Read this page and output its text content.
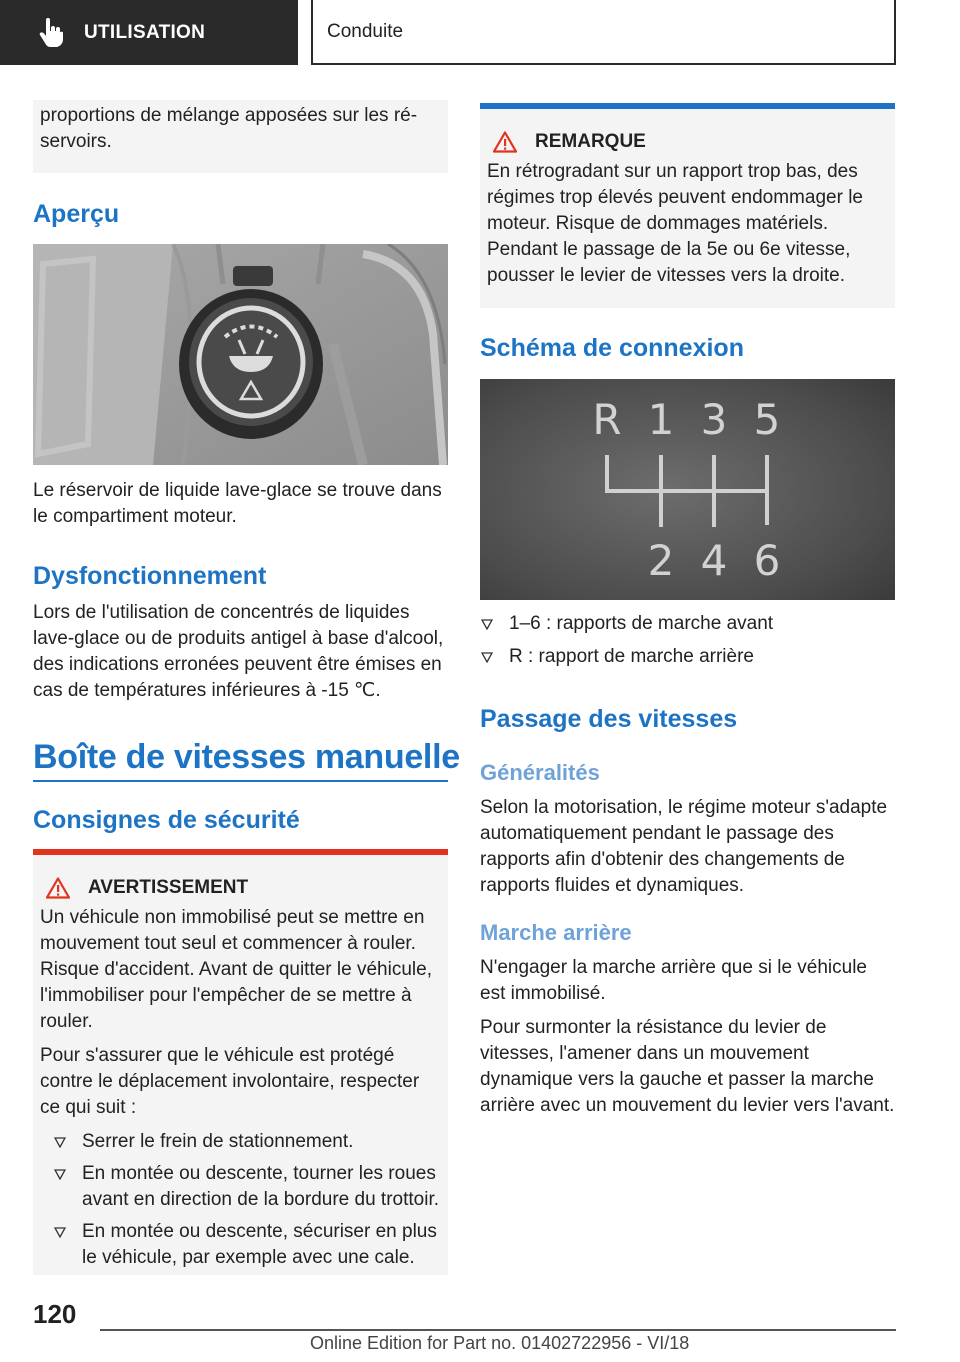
UTILISATION	Conduite

proportions de mélange apposées sur les ré-
servoirs.

Aperçu

Le réservoir de liquide lave-glace se trouve dans le compartiment moteur.

Dysfonctionnement

Lors de l'utilisation de concentrés de liquides lave-glace ou de produits antigel à base d'alcool, des indications erronées peuvent être émises en cas de températures inférieures à -15 ℃.

Boîte de vitesses manuelle
Consignes de sécurité
AVERTISSEMENT

Un véhicule non immobilisé peut se mettre en mouvement tout seul et commencer à rouler. Risque d'accident. Avant de quitter le véhicule, l'immobiliser pour l'empêcher de se mettre à rouler.

Pour s'assurer que le véhicule est protégé contre le déplacement involontaire, respecter ce qui suit :

Serrer le frein de stationnement.
En montée ou descente, tourner les roues avant en direction de la bordure du trottoir.
En montée ou descente, sécuriser en plus le véhicule, par exemple avec une cale.
REMARQUE

En rétrogradant sur un rapport trop bas, des régimes trop élevés peuvent endommager le moteur. Risque de dommages matériels. Pendant le passage de la 5e ou 6e vitesse, pousser le levier de vitesses vers la droite.

Schéma de connexion
R 1 3 5
2 4 6
1–6 : rapports de marche avant
R : rapport de marche arrière
Passage des vitesses
Généralités

Selon la motorisation, le régime moteur s'adapte automatiquement pendant le passage des rapports afin d'obtenir des changements de rapports fluides et dynamiques.

Marche arrière

N'engager la marche arrière que si le véhicule est immobilisé.

Pour surmonter la résistance du levier de vitesses, l'amener dans un mouvement dynamique vers la gauche et passer la marche arrière avec un mouvement du levier vers l'avant.

120
Online Edition for Part no. 01402722956 - VI/18
